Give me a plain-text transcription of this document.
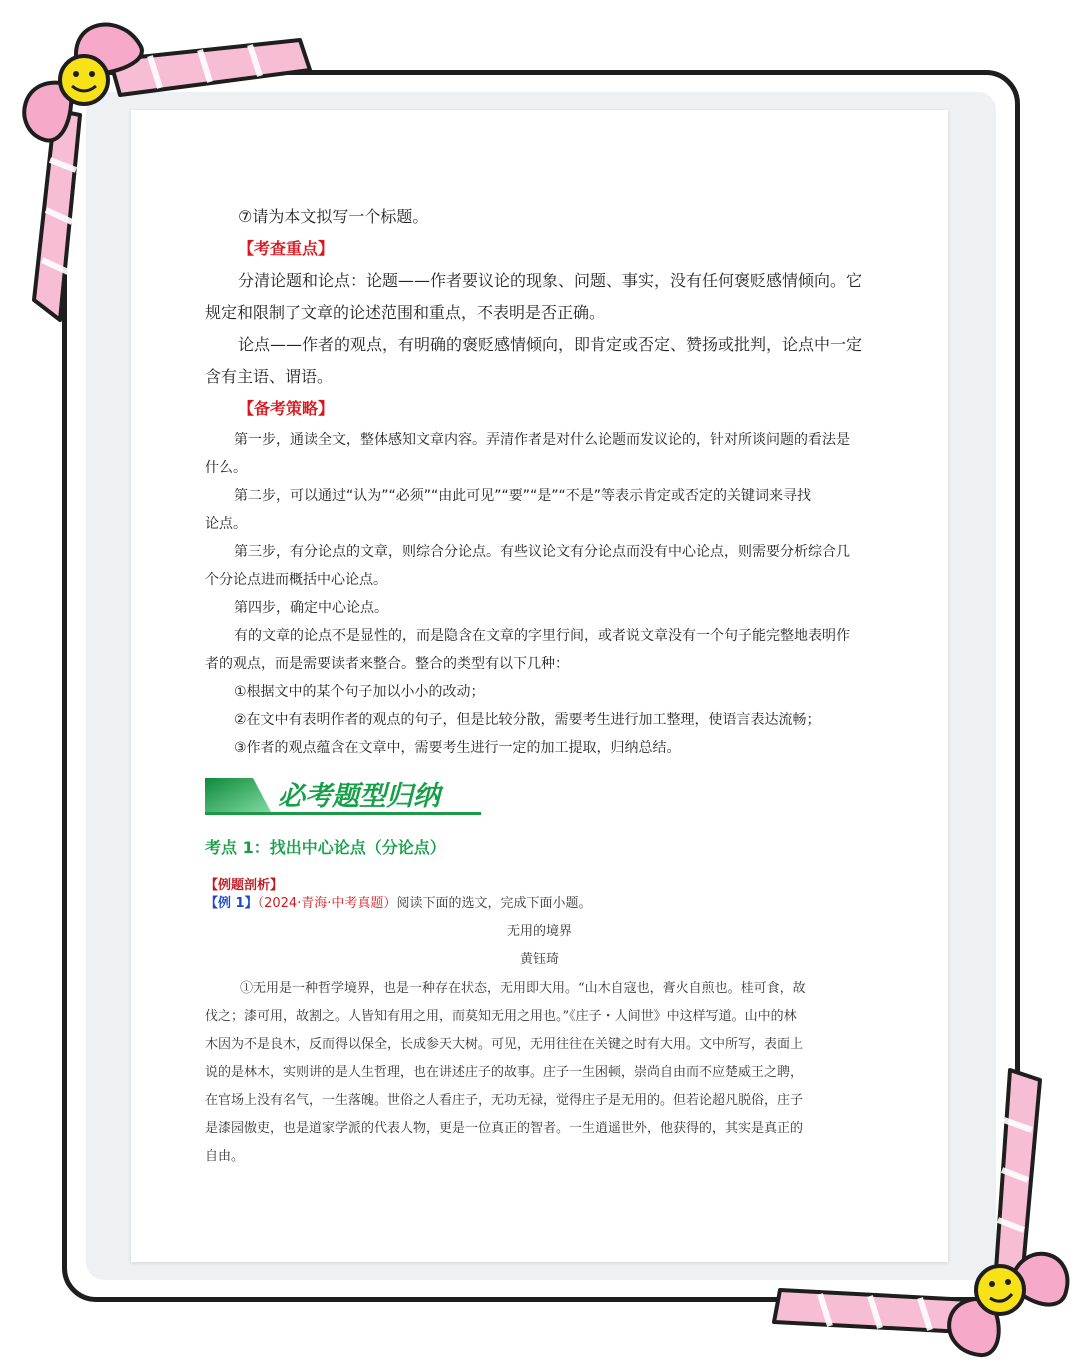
⑦请为本文拟写一个标题。
【考查重点】
分清论题和论点：论题——作者要议论的现象、问题、事实，没有任何褒贬感情倾向。它
规定和限制了文章的论述范围和重点，不表明是否正确。
论点——作者的观点，有明确的褒贬感情倾向，即肯定或否定、赞扬或批判，论点中一定
含有主语、谓语。
【备考策略】
第一步，通读全文，整体感知文章内容。弄清作者是对什么论题而发议论的，针对所谈问题的看法是
什么。
第二步，可以通过“认为”“必须”“由此可见”“要”“是”“不是”等表示肯定或否定的关键词来寻找
论点。
第三步，有分论点的文章，则综合分论点。有些议论文有分论点而没有中心论点，则需要分析综合几
个分论点进而概括中心论点。
第四步，确定中心论点。
有的文章的论点不是显性的，而是隐含在文章的字里行间，或者说文章没有一个句子能完整地表明作
者的观点，而是需要读者来整合。整合的类型有以下几种：
①根据文中的某个句子加以小小的改动；
②在文中有表明作者的观点的句子，但是比较分散，需要考生进行加工整理，使语言表达流畅；
③作者的观点蕴含在文章中，需要考生进行一定的加工提取，归纳总结。
必考题型归纳
考点 1：找出中心论点（分论点）
【例题剖析】
【例 1】（2024·青海·中考真题）阅读下面的选文，完成下面小题。
无用的境界
黄钰琦
①无用是一种哲学境界，也是一种存在状态，无用即大用。“山木自寇也，膏火自煎也。桂可食，故
伐之；漆可用，故割之。人皆知有用之用，而莫知无用之用也。”《庄子・人间世》中这样写道。山中的林
木因为不是良木，反而得以保全，长成参天大树。可见，无用往往在关键之时有大用。文中所写，表面上
说的是林木，实则讲的是人生哲理，也在讲述庄子的故事。庄子一生困顿，崇尚自由而不应楚威王之聘，
在官场上没有名气，一生落魄。世俗之人看庄子，无功无禄，觉得庄子是无用的。但若论超凡脱俗，庄子
是漆园傲吏，也是道家学派的代表人物，更是一位真正的智者。一生逍遥世外，他获得的，其实是真正的
自由。
